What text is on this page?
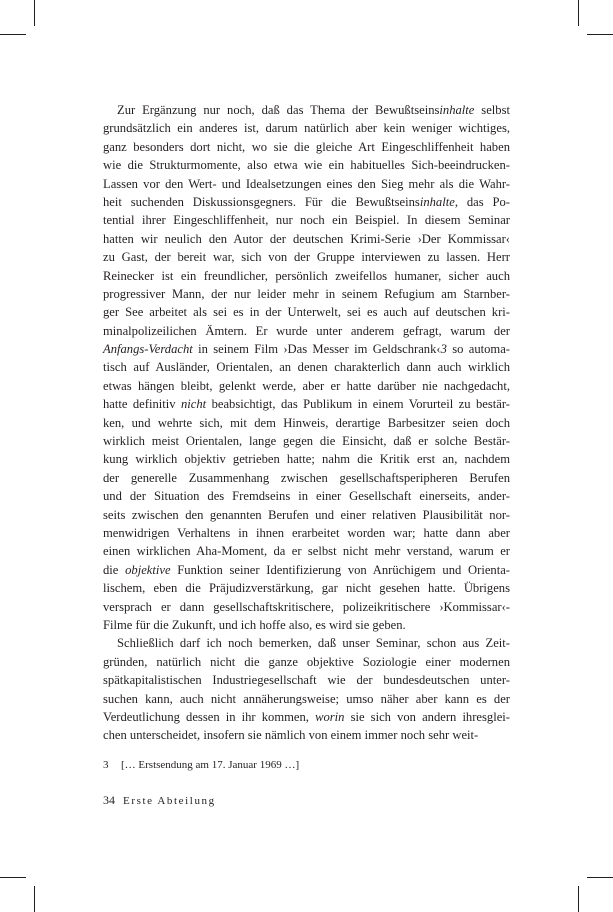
Zur Ergänzung nur noch, daß das Thema der Bewußtseinsinhalte selbst
grundsätzlich ein anderes ist, darum natürlich aber kein weniger wichtiges,
ganz besonders dort nicht, wo sie die gleiche Art Eingeschliffenheit haben
wie die Strukturmomente, also etwa wie ein habituelles Sich-beeindrucken-
Lassen vor den Wert- und Idealsetzungen eines den Sieg mehr als die Wahr-
heit suchenden Diskussionsgegners. Für die Bewußtseinsinhalte, das Po-
tential ihrer Eingeschliffenheit, nur noch ein Beispiel. In diesem Seminar
hatten wir neulich den Autor der deutschen Krimi-Serie ›Der Kommissar‹
zu Gast, der bereit war, sich von der Gruppe interviewen zu lassen. Herr
Reinecker ist ein freundlicher, persönlich zweifellos humaner, sicher auch
progressiver Mann, der nur leider mehr in seinem Refugium am Starnber-
ger See arbeitet als sei es in der Unterwelt, sei es auch auf deutschen kri-
minalpolizeilichen Ämtern. Er wurde unter anderem gefragt, warum der
Anfangs-Verdacht in seinem Film ›Das Messer im Geldschrank‹3 so automa-
tisch auf Ausländer, Orientalen, an denen charakterlich dann auch wirklich
etwas hängen bleibt, gelenkt werde, aber er hatte darüber nie nachgedacht,
hatte definitiv nicht beabsichtigt, das Publikum in einem Vorurteil zu bestär-
ken, und wehrte sich, mit dem Hinweis, derartige Barbesitzer seien doch
wirklich meist Orientalen, lange gegen die Einsicht, daß er solche Bestär-
kung wirklich objektiv getrieben hatte; nahm die Kritik erst an, nachdem
der generelle Zusammenhang zwischen gesellschaftsperipheren Berufen
und der Situation des Fremdseins in einer Gesellschaft einerseits, ander-
seits zwischen den genannten Berufen und einer relativen Plausibilität nor-
menwidrigen Verhaltens in ihnen erarbeitet worden war; hatte dann aber
einen wirklichen Aha-Moment, da er selbst nicht mehr verstand, warum er
die objektive Funktion seiner Identifizierung von Anrüchigem und Orienta-
lischem, eben die Präjudizverstärkung, gar nicht gesehen hatte. Übrigens
versprach er dann gesellschaftskritischere, polizeikritischere ›Kommissar‹-
Filme für die Zukunft, und ich hoffe also, es wird sie geben.
Schließlich darf ich noch bemerken, daß unser Seminar, schon aus Zeit-
gründen, natürlich nicht die ganze objektive Soziologie einer modernen
spätkapitalistischen Industriegesellschaft wie der bundesdeutschen unter-
suchen kann, auch nicht annäherungsweise; umso näher aber kann es der
Verdeutlichung dessen in ihr kommen, worin sie sich von andern ihresglei-
chen unterscheidet, insofern sie nämlich von einem immer noch sehr weit-
3 [… Erstsendung am 17. Januar 1969 …]
34 Erste Abteilung
